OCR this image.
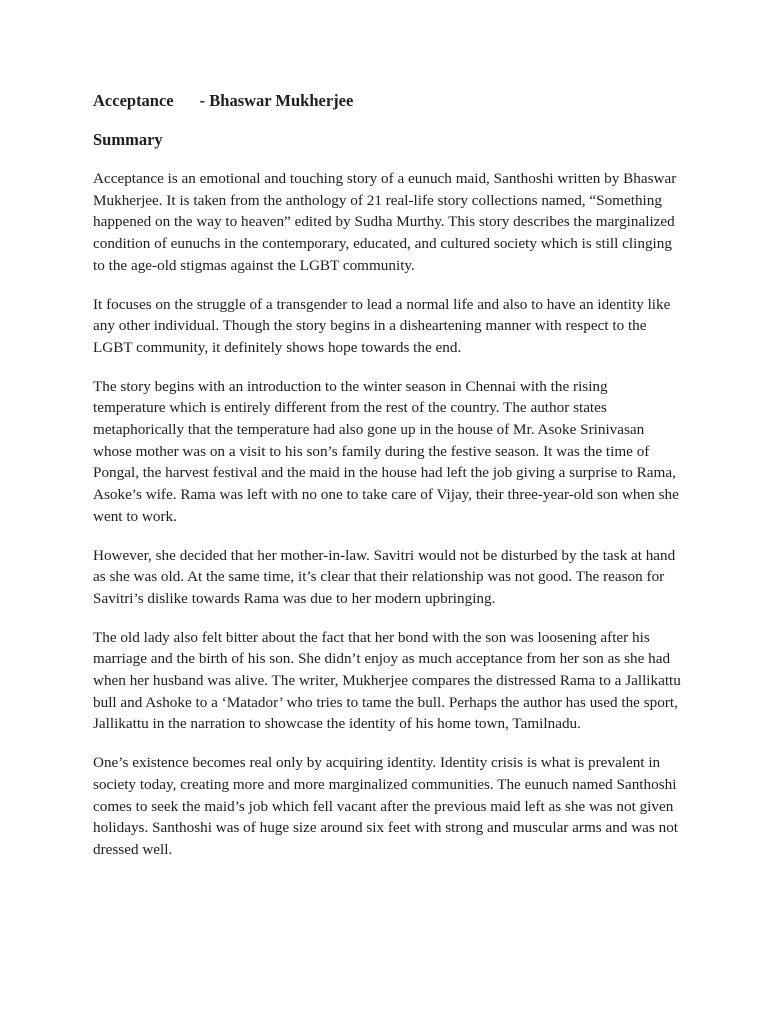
Acceptance - Bhaswar Mukherjee
Summary

Acceptance is an emotional and touching story of a eunuch maid, Santhoshi written by Bhaswar Mukherjee. It is taken from the anthology of 21 real-life story collections named, “Something happened on the way to heaven” edited by Sudha Murthy. This story describes the marginalized condition of eunuchs in the contemporary, educated, and cultured society which is still clinging to the age-old stigmas against the LGBT community.

It focuses on the struggle of a transgender to lead a normal life and also to have an identity like any other individual. Though the story begins in a disheartening manner with respect to the LGBT community, it definitely shows hope towards the end.

The story begins with an introduction to the winter season in Chennai with the rising temperature which is entirely different from the rest of the country. The author states metaphorically that the temperature had also gone up in the house of Mr. Asoke Srinivasan whose mother was on a visit to his son’s family during the festive season. It was the time of Pongal, the harvest festival and the maid in the house had left the job giving a surprise to Rama, Asoke’s wife. Rama was left with no one to take care of Vijay, their three-year-old son when she went to work.

However, she decided that her mother-in-law. Savitri would not be disturbed by the task at hand as she was old. At the same time, it’s clear that their relationship was not good. The reason for Savitri’s dislike towards Rama was due to her modern upbringing.

The old lady also felt bitter about the fact that her bond with the son was loosening after his marriage and the birth of his son. She didn’t enjoy as much acceptance from her son as she had when her husband was alive. The writer, Mukherjee compares the distressed Rama to a Jallikattu bull and Ashoke to a ‘Matador’ who tries to tame the bull. Perhaps the author has used the sport, Jallikattu in the narration to showcase the identity of his home town, Tamilnadu.

One’s existence becomes real only by acquiring identity. Identity crisis is what is prevalent in society today, creating more and more marginalized communities. The eunuch named Santhoshi comes to seek the maid’s job which fell vacant after the previous maid left as she was not given holidays. Santhoshi was of huge size around six feet with strong and muscular arms and was not dressed well.
